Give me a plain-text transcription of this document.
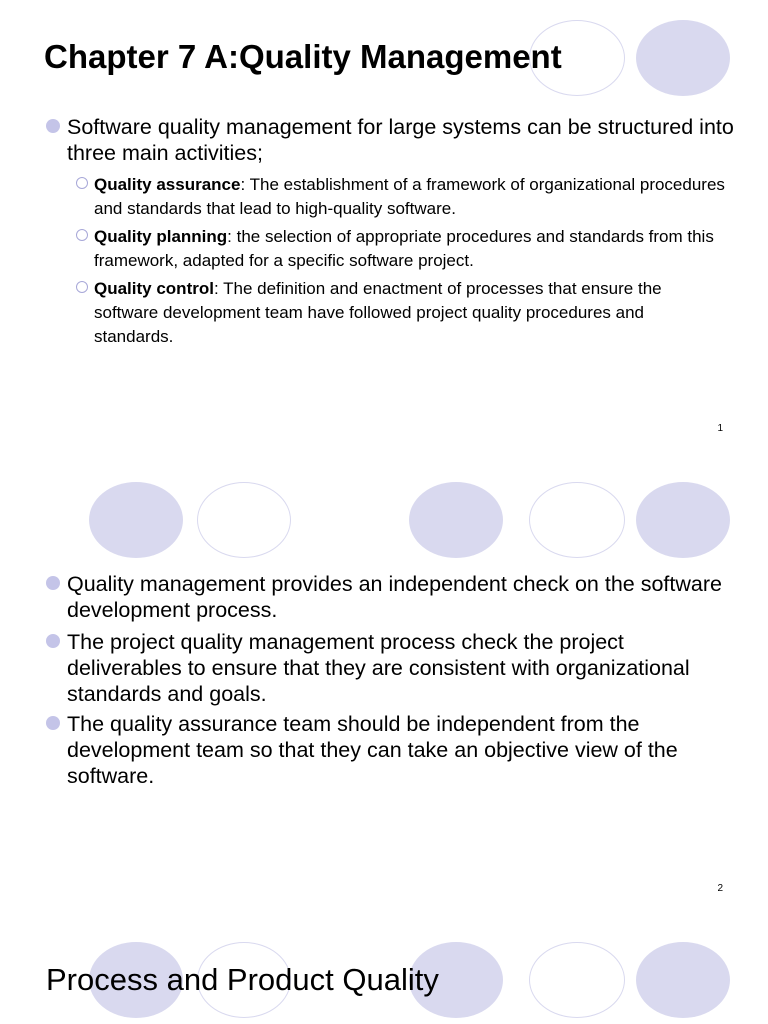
Chapter 7 A:Quality Management
Software quality management for large systems can be structured into three main activities;
Quality assurance: The establishment of a framework of organizational procedures and standards that lead to high-quality software.
Quality planning: the selection of appropriate procedures and standards from this framework, adapted for a specific software project.
Quality control: The definition and enactment of processes that ensure the software development team have followed project quality procedures and standards.
1
Quality management provides an independent check on the software development process.
The project quality management process check the project deliverables to ensure that they are consistent with organizational standards and goals.
The quality assurance team should be independent from the development team so that they can take an objective view of the software.
2
Process and Product Quality
